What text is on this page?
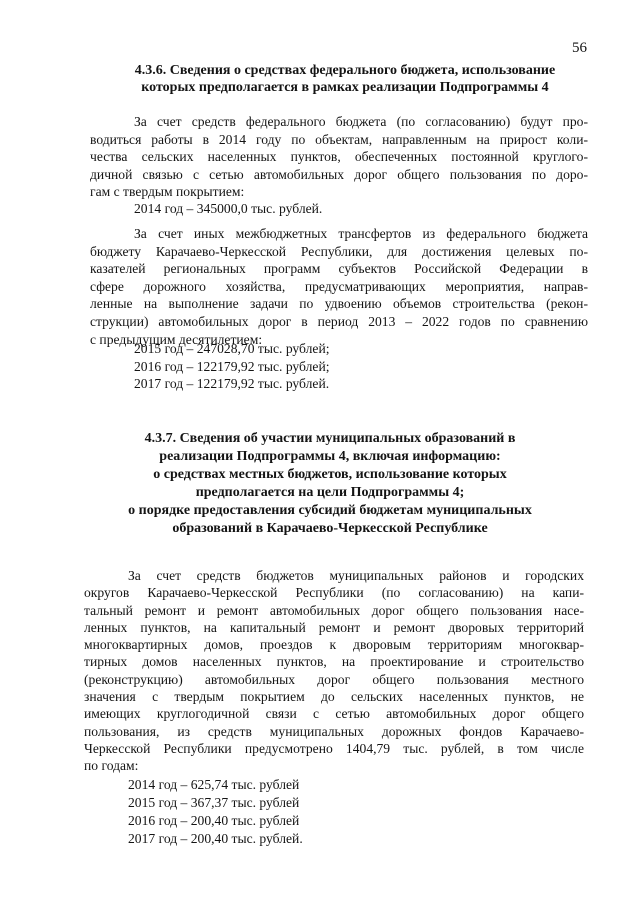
56
4.3.6. Сведения о средствах федерального бюджета, использование
которых предполагается в рамках реализации Подпрограммы 4
За счет средств федерального бюджета (по согласованию) будут про-
водиться работы в 2014 году по объектам, направленным на прирост коли-
чества сельских населенных пунктов, обеспеченных постоянной круглого-
дичной связью с сетью автомобильных дорог общего пользования по доро-
гам с твердым покрытием:
2014 год – 345000,0 тыс. рублей.
За счет иных межбюджетных трансфертов из федерального бюджета
бюджету Карачаево-Черкесской Республики, для достижения целевых по-
казателей региональных программ субъектов Российской Федерации в
сфере дорожного хозяйства, предусматривающих мероприятия, направ-
ленные на выполнение задачи по удвоению объемов строительства (рекон-
струкции) автомобильных дорог в период 2013 – 2022 годов по сравнению
с предыдущим десятилетием:
2015 год – 247028,70 тыс. рублей;
2016 год – 122179,92 тыс. рублей;
2017 год – 122179,92 тыс. рублей.
4.3.7. Сведения об участии муниципальных образований в
реализации Подпрограммы 4, включая информацию:
о средствах местных бюджетов, использование которых
предполагается на цели Подпрограммы 4;
о порядке предоставления субсидий бюджетам муниципальных
образований в Карачаево-Черкесской Республике
За счет средств бюджетов муниципальных районов и городских
округов Карачаево-Черкесской Республики (по согласованию) на капи-
тальный ремонт и ремонт автомобильных дорог общего пользования насе-
ленных пунктов, на капитальный ремонт и ремонт дворовых территорий
многоквартирных домов, проездов к дворовым территориям многоквар-
тирных домов населенных пунктов, на проектирование и строительство
(реконструкцию) автомобильных дорог общего пользования местного
значения с твердым покрытием до сельских населенных пунктов, не
имеющих круглогодичной связи с сетью автомобильных дорог общего
пользования, из средств муниципальных дорожных фондов Карачаево-
Черкесской Республики предусмотрено 1404,79 тыс. рублей, в том числе
по годам:
2014 год – 625,74 тыс. рублей
2015 год – 367,37 тыс. рублей
2016 год – 200,40 тыс. рублей
2017 год – 200,40 тыс. рублей.
